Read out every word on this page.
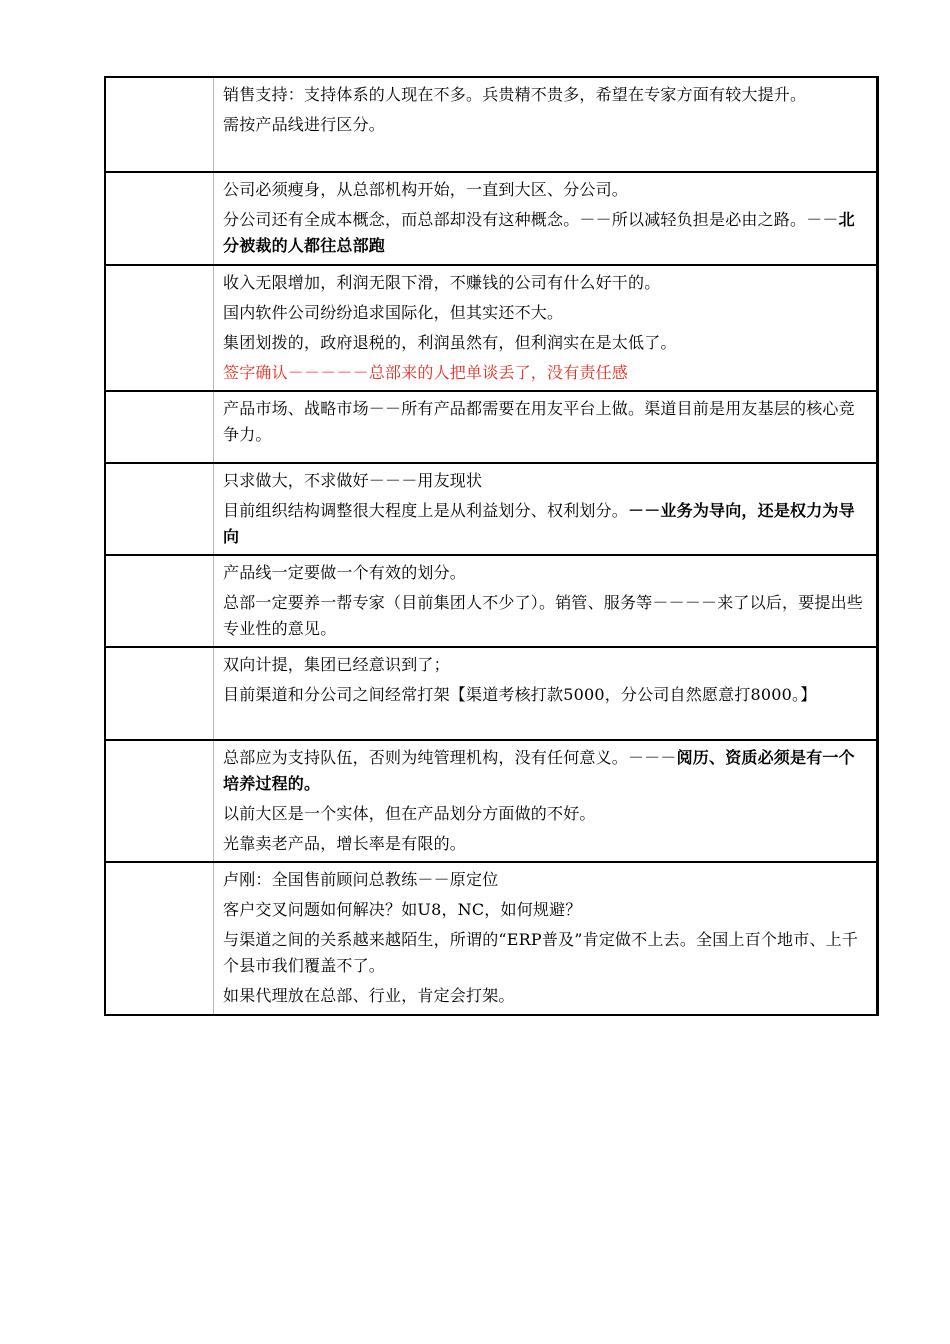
	销售支持：支持体系的人现在不多。兵贵精不贵多，希望在专家方面有较大提升。

需按产品线进行区分。

	公司必须瘦身，从总部机构开始，一直到大区、分公司。

分公司还有全成本概念，而总部却没有这种概念。－－所以减轻负担是必由之路。－－北分被裁的人都往总部跑

	收入无限增加，利润无限下滑，不赚钱的公司有什么好干的。

国内软件公司纷纷追求国际化，但其实还不大。

集团划拨的，政府退税的，利润虽然有，但利润实在是太低了。

签字确认－－－－－总部来的人把单谈丢了，没有责任感

	产品市场、战略市场－－所有产品都需要在用友平台上做。渠道目前是用友基层的核心竞争力。

	只求做大，不求做好－－－用友现状

目前组织结构调整很大程度上是从利益划分、权利划分。－－业务为导向，还是权力为导向

	产品线一定要做一个有效的划分。

总部一定要养一帮专家（目前集团人不少了）。销管、服务等－－－－来了以后，要提出些专业性的意见。

	双向计提，集团已经意识到了；

目前渠道和分公司之间经常打架【渠道考核打款5000，分公司自然愿意打8000。】

	总部应为支持队伍，否则为纯管理机构，没有任何意义。－－－阅历、资质必须是有一个培养过程的。

以前大区是一个实体，但在产品划分方面做的不好。

光靠卖老产品，增长率是有限的。

	卢刚：全国售前顾问总教练－－原定位

客户交叉问题如何解决？如U8，NC，如何规避？

与渠道之间的关系越来越陌生，所谓的“ERP普及”肯定做不上去。全国上百个地市、上千个县市我们覆盖不了。

如果代理放在总部、行业，肯定会打架。
